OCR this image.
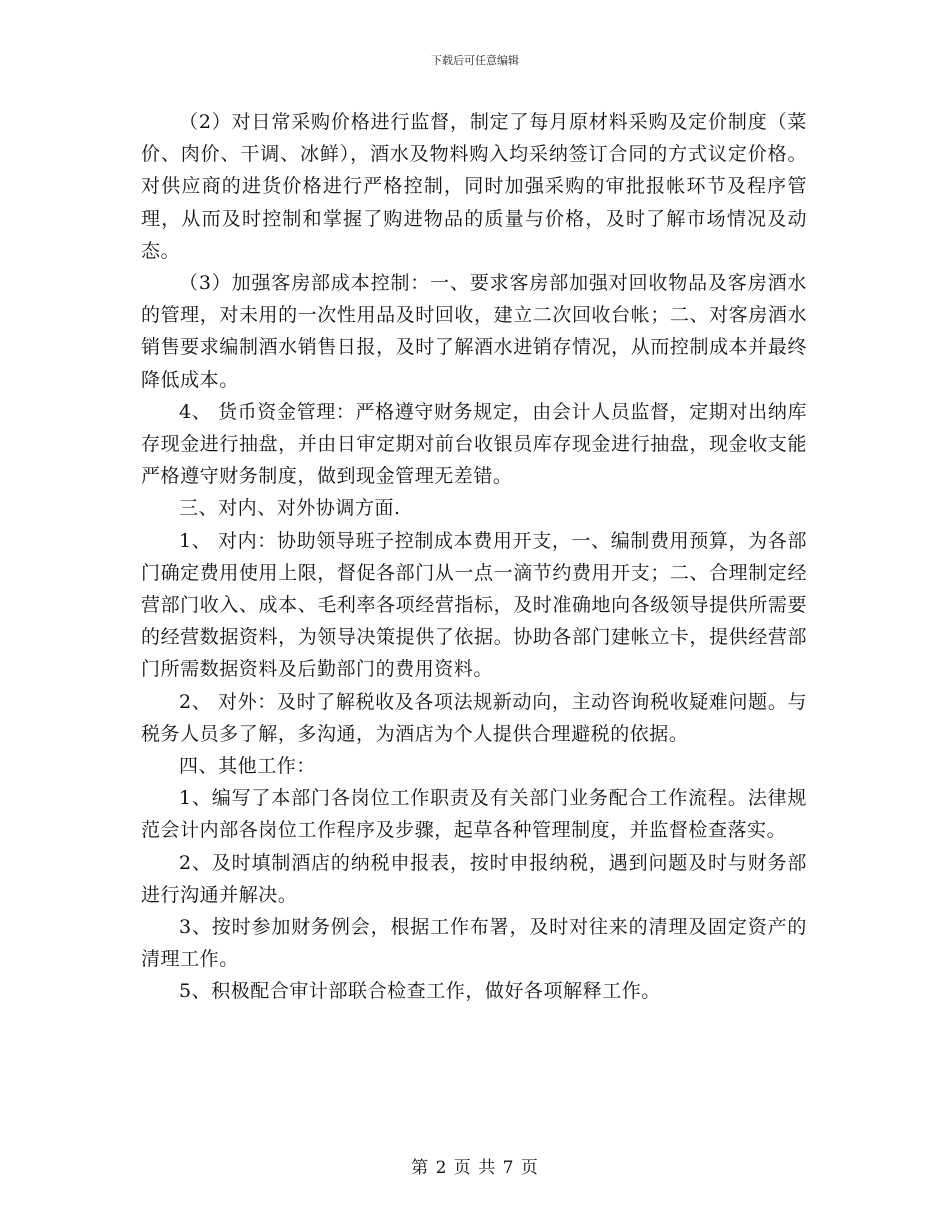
下载后可任意编辑

（2）对日常采购价格进行监督，制定了每月原材料采购及定价制度（菜价、肉价、干调、冰鲜），酒水及物料购入均采纳签订合同的方式议定价格。对供应商的进货价格进行严格控制，同时加强采购的审批报帐环节及程序管理，从而及时控制和掌握了购进物品的质量与价格，及时了解市场情况及动态。

（3）加强客房部成本控制：一、要求客房部加强对回收物品及客房酒水的管理，对未用的一次性用品及时回收，建立二次回收台帐；二、对客房酒水销售要求编制酒水销售日报，及时了解酒水进销存情况，从而控制成本并最终降低成本。

4、 货币资金管理：严格遵守财务规定，由会计人员监督，定期对出纳库存现金进行抽盘，并由日审定期对前台收银员库存现金进行抽盘，现金收支能严格遵守财务制度，做到现金管理无差错。

三、对内、对外协调方面.

1、 对内：协助领导班子控制成本费用开支，一、编制费用预算，为各部门确定费用使用上限，督促各部门从一点一滴节约费用开支；二、合理制定经营部门收入、成本、毛利率各项经营指标，及时准确地向各级领导提供所需要的经营数据资料，为领导决策提供了依据。协助各部门建帐立卡，提供经营部门所需数据资料及后勤部门的费用资料。

2、 对外：及时了解税收及各项法规新动向，主动咨询税收疑难问题。与税务人员多了解，多沟通，为酒店为个人提供合理避税的依据。

四、其他工作：

1、编写了本部门各岗位工作职责及有关部门业务配合工作流程。法律规范会计内部各岗位工作程序及步骤，起草各种管理制度，并监督检查落实。

2、及时填制酒店的纳税申报表，按时申报纳税，遇到问题及时与财务部进行沟通并解决。

3、按时参加财务例会，根据工作布署，及时对往来的清理及固定资产的清理工作。

5、积极配合审计部联合检查工作，做好各项解释工作。

第 2 页 共 7 页
